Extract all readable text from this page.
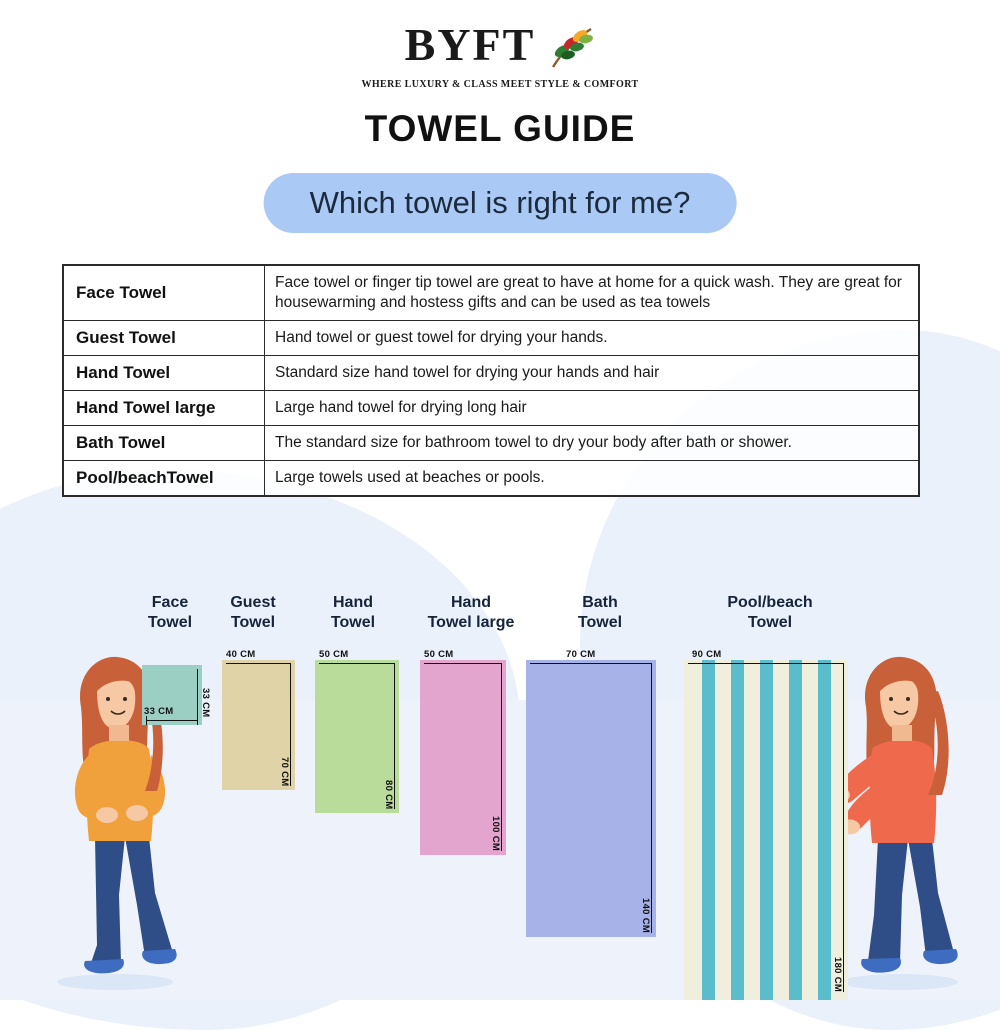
BYFT
WHERE LUXURY & CLASS MEET STYLE & COMFORT
TOWEL GUIDE
Which towel is right for me?
Face Towel	Face towel or finger tip towel are great to have at home for a quick wash. They are great for housewarming and hostess gifts and can be used as tea towels
Guest Towel	Hand towel or guest towel for drying your hands.
Hand Towel	Standard size hand towel for drying your hands and hair
Hand Towel large	Large hand towel for drying long hair
Bath Towel	The standard size for bathroom towel to dry your body after bath or shower.
Pool/beachTowel	Large towels used at beaches or pools.
Face
Towel
Guest
Towel
Hand
Towel
Hand
Towel large
Bath
Towel
Pool/beach
Towel
33 CM	33 CM
40 CM
70 CM
50 CM
80 CM
50 CM
100 CM
70 CM
140 CM
90 CM
180 CM
